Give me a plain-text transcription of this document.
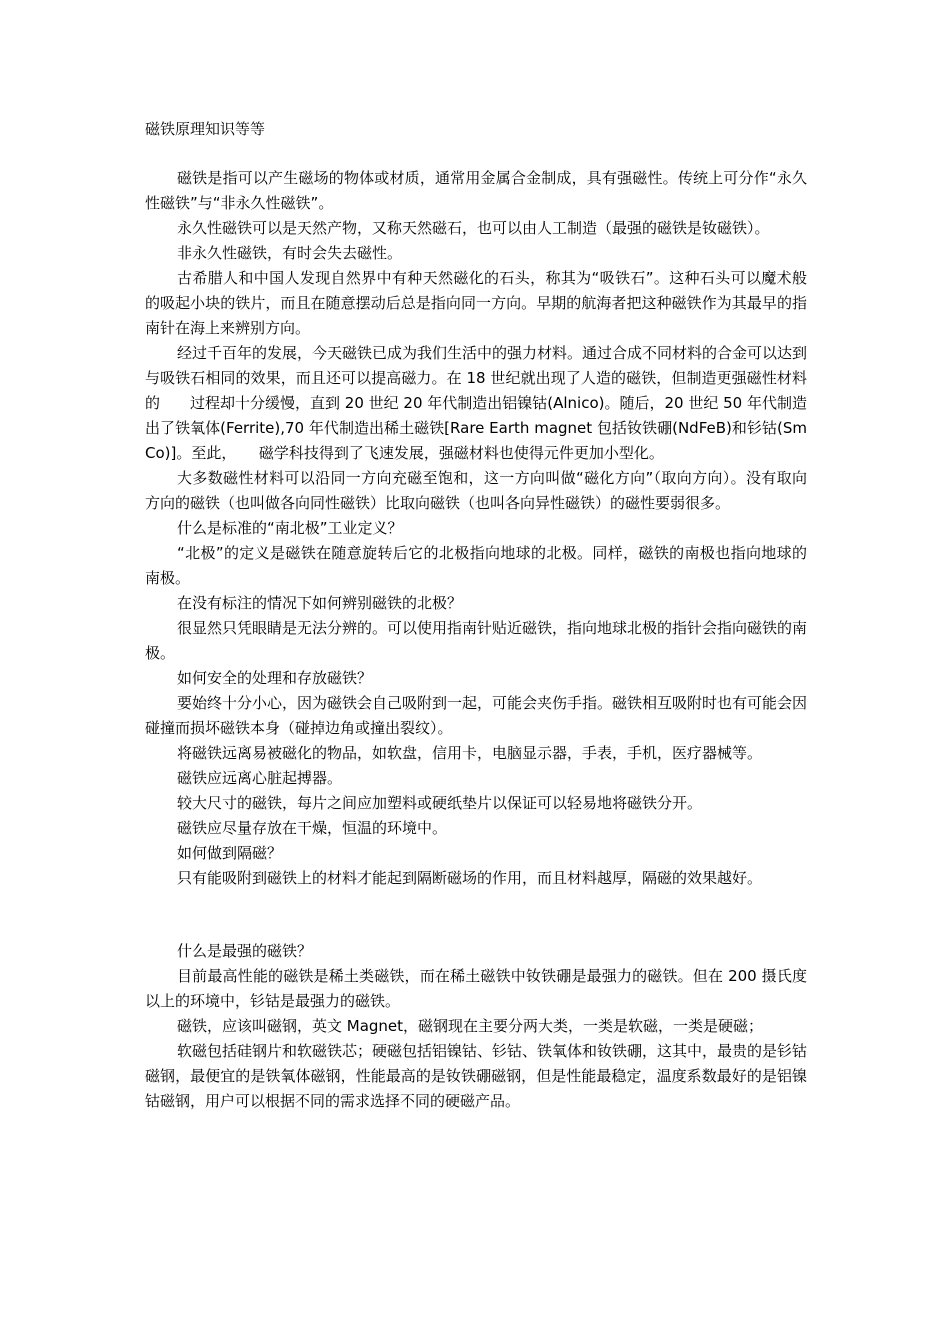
磁铁原理知识等等

磁铁是指可以产生磁场的物体或材质，通常用金属合金制成，具有强磁性。传统上可分作“永久性磁铁”与“非永久性磁铁”。

永久性磁铁可以是天然产物，又称天然磁石，也可以由人工制造（最强的磁铁是钕磁铁）。

非永久性磁铁，有时会失去磁性。

古希腊人和中国人发现自然界中有种天然磁化的石头，称其为“吸铁石”。这种石头可以魔术般的吸起小块的铁片，而且在随意摆动后总是指向同一方向。早期的航海者把这种磁铁作为其最早的指　　南针在海上来辨别方向。

经过千百年的发展，今天磁铁已成为我们生活中的强力材料。通过合成不同材料的合金可以达到与吸铁石相同的效果，而且还可以提高磁力。在 18 世纪就出现了人造的磁铁，但制造更强磁性材料的　　过程却十分缓慢，直到 20 世纪 20 年代制造出铝镍钴(Alnico)。随后，20 世纪 50 年代制造出了铁氧体(Ferrite),70 年代制造出稀土磁铁[Rare Earth magnet 包括钕铁硼(NdFeB)和钐钴(SmCo)]。至此，　　磁学科技得到了飞速发展，强磁材料也使得元件更加小型化。

大多数磁性材料可以沿同一方向充磁至饱和，这一方向叫做“磁化方向”（取向方向）。没有取向方向的磁铁（也叫做各向同性磁铁）比取向磁铁（也叫各向异性磁铁）的磁性要弱很多。

什么是标准的“南北极”工业定义？

“北极”的定义是磁铁在随意旋转后它的北极指向地球的北极。同样，磁铁的南极也指向地球的南极。

在没有标注的情况下如何辨别磁铁的北极？

很显然只凭眼睛是无法分辨的。可以使用指南针贴近磁铁，指向地球北极的指针会指向磁铁的南极。

如何安全的处理和存放磁铁？

要始终十分小心，因为磁铁会自己吸附到一起，可能会夹伤手指。磁铁相互吸附时也有可能会因碰撞而损坏磁铁本身（碰掉边角或撞出裂纹）。

将磁铁远离易被磁化的物品，如软盘，信用卡，电脑显示器，手表，手机，医疗器械等。

磁铁应远离心脏起搏器。

较大尺寸的磁铁，每片之间应加塑料或硬纸垫片以保证可以轻易地将磁铁分开。

磁铁应尽量存放在干燥，恒温的环境中。

如何做到隔磁？

只有能吸附到磁铁上的材料才能起到隔断磁场的作用，而且材料越厚，隔磁的效果越好。

什么是最强的磁铁？

目前最高性能的磁铁是稀土类磁铁，而在稀土磁铁中钕铁硼是最强力的磁铁。但在 200 摄氏度以上的环境中，钐钴是最强力的磁铁。

磁铁，应该叫磁钢，英文 Magnet，磁钢现在主要分两大类，一类是软磁，一类是硬磁；

软磁包括硅钢片和软磁铁芯；硬磁包括铝镍钴、钐钴、铁氧体和钕铁硼，这其中，最贵的是钐钴磁钢，最便宜的是铁氧体磁钢，性能最高的是钕铁硼磁钢，但是性能最稳定，温度系数最好的是铝镍　　　钴磁钢，用户可以根据不同的需求选择不同的硬磁产品。
